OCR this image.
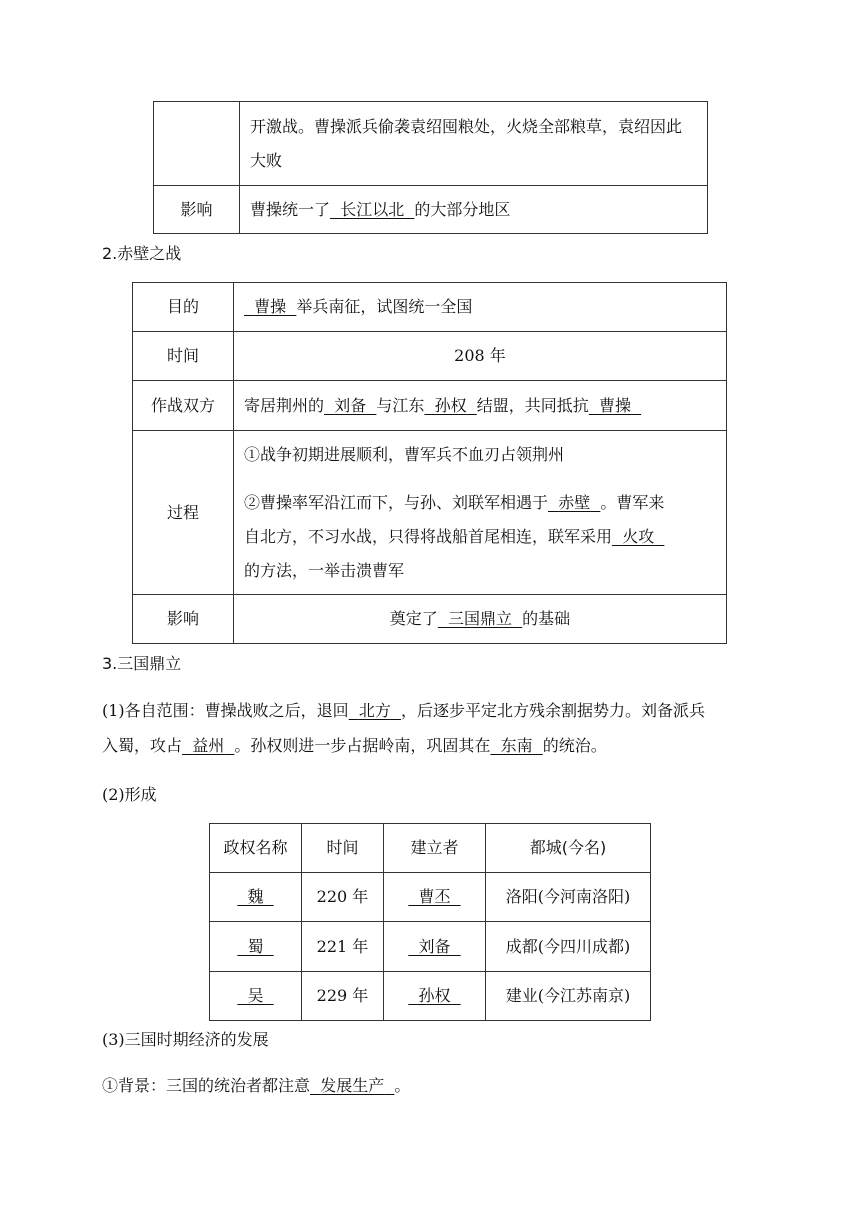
	开激战。曹操派兵偷袭袁绍囤粮处，火烧全部粮草，袁绍因此大败
影响	曹操统一了 长江以北 的大部分地区
2.赤壁之战
目的	曹操 举兵南征，试图统一全国
时间	208 年
作战双方	寄居荆州的 刘备 与江东 孙权 结盟，共同抵抗 曹操
过程	①战争初期进展顺利，曹军兵不血刃占领荆州
②曹操率军沿江而下，与孙、刘联军相遇于 赤壁 。曹军来
自北方，不习水战，只得将战船首尾相连，联军采用 火攻
的方法，一举击溃曹军

影响	奠定了 三国鼎立 的基础
3.三国鼎立

(1)各自范围：曹操战败之后，退回 北方 ，后逐步平定北方残余割据势力。刘备派兵

入蜀，攻占 益州 。孙权则进一步占据岭南，巩固其在 东南 的统治。

(2)形成

政权名称	时间	建立者	都城(今名)
魏	220 年	曹丕	洛阳(今河南洛阳)
蜀	221 年	刘备	成都(今四川成都)
吴	229 年	孙权	建业(今江苏南京)

(3)三国时期经济的发展

①背景：三国的统治者都注意 发展生产 。
